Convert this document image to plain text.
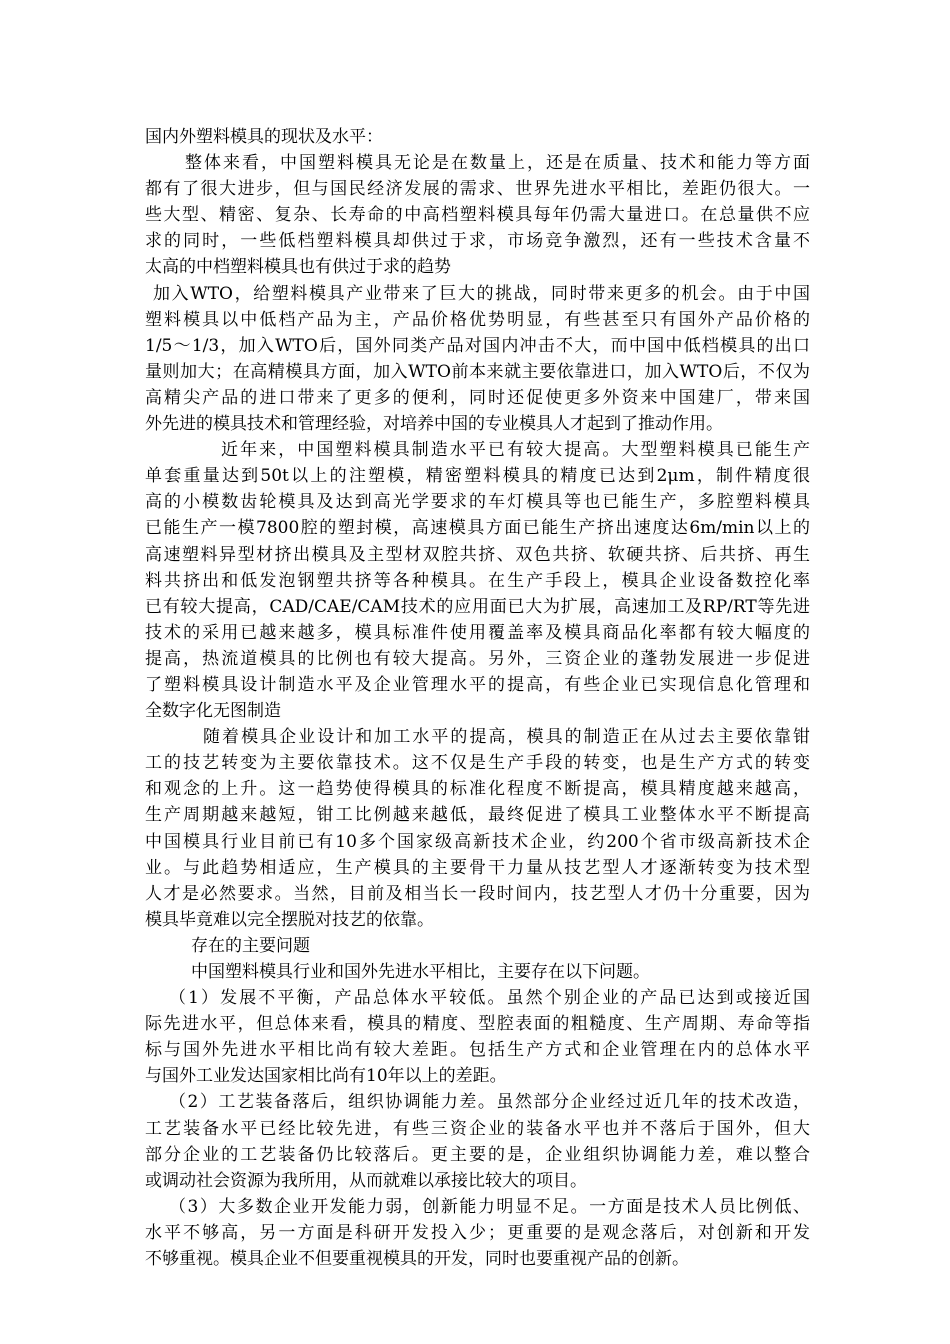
国内外塑料模具的现状及水平：
整体来看，中国塑料模具无论是在数量上，还是在质量、技术和能力等方面
都有了很大进步，但与国民经济发展的需求、世界先进水平相比，差距仍很大。一
些大型、精密、复杂、长寿命的中高档塑料模具每年仍需大量进口。在总量供不应
求的同时，一些低档塑料模具却供过于求，市场竞争激烈，还有一些技术含量不
太高的中档塑料模具也有供过于求的趋势
加入WTO，给塑料模具产业带来了巨大的挑战，同时带来更多的机会。由于中国
塑料模具以中低档产品为主，产品价格优势明显，有些甚至只有国外产品价格的
1/5～1/3，加入WTO后，国外同类产品对国内冲击不大，而中国中低档模具的出口
量则加大；在高精模具方面，加入WTO前本来就主要依靠进口，加入WTO后，不仅为
高精尖产品的进口带来了更多的便利，同时还促使更多外资来中国建厂，带来国
外先进的模具技术和管理经验，对培养中国的专业模具人才起到了推动作用。
近年来，中国塑料模具制造水平已有较大提高。大型塑料模具已能生产
单套重量达到50t以上的注塑模，精密塑料模具的精度已达到2μm，制件精度很
高的小模数齿轮模具及达到高光学要求的车灯模具等也已能生产，多腔塑料模具
已能生产一模7800腔的塑封模，高速模具方面已能生产挤出速度达6m/min以上的
高速塑料异型材挤出模具及主型材双腔共挤、双色共挤、软硬共挤、后共挤、再生
料共挤出和低发泡钢塑共挤等各种模具。在生产手段上，模具企业设备数控化率
已有较大提高，CAD/CAE/CAM技术的应用面已大为扩展，高速加工及RP/RT等先进
技术的采用已越来越多，模具标准件使用覆盖率及模具商品化率都有较大幅度的
提高，热流道模具的比例也有较大提高。另外，三资企业的蓬勃发展进一步促进
了塑料模具设计制造水平及企业管理水平的提高，有些企业已实现信息化管理和
全数字化无图制造
随着模具企业设计和加工水平的提高，模具的制造正在从过去主要依靠钳
工的技艺转变为主要依靠技术。这不仅是生产手段的转变，也是生产方式的转变
和观念的上升。这一趋势使得模具的标准化程度不断提高，模具精度越来越高，
生产周期越来越短，钳工比例越来越低，最终促进了模具工业整体水平不断提高
中国模具行业目前已有10多个国家级高新技术企业，约200个省市级高新技术企
业。与此趋势相适应，生产模具的主要骨干力量从技艺型人才逐渐转变为技术型
人才是必然要求。当然，目前及相当长一段时间内，技艺型人才仍十分重要，因为
模具毕竟难以完全摆脱对技艺的依靠。
存在的主要问题
中国塑料模具行业和国外先进水平相比，主要存在以下问题。
（1）发展不平衡，产品总体水平较低。虽然个别企业的产品已达到或接近国
际先进水平，但总体来看，模具的精度、型腔表面的粗糙度、生产周期、寿命等指
标与国外先进水平相比尚有较大差距。包括生产方式和企业管理在内的总体水平
与国外工业发达国家相比尚有10年以上的差距。
（2）工艺装备落后，组织协调能力差。虽然部分企业经过近几年的技术改造，
工艺装备水平已经比较先进，有些三资企业的装备水平也并不落后于国外，但大
部分企业的工艺装备仍比较落后。更主要的是，企业组织协调能力差，难以整合
或调动社会资源为我所用，从而就难以承接比较大的项目。
（3）大多数企业开发能力弱，创新能力明显不足。一方面是技术人员比例低、
水平不够高，另一方面是科研开发投入少；更重要的是观念落后，对创新和开发
不够重视。模具企业不但要重视模具的开发，同时也要重视产品的创新。
